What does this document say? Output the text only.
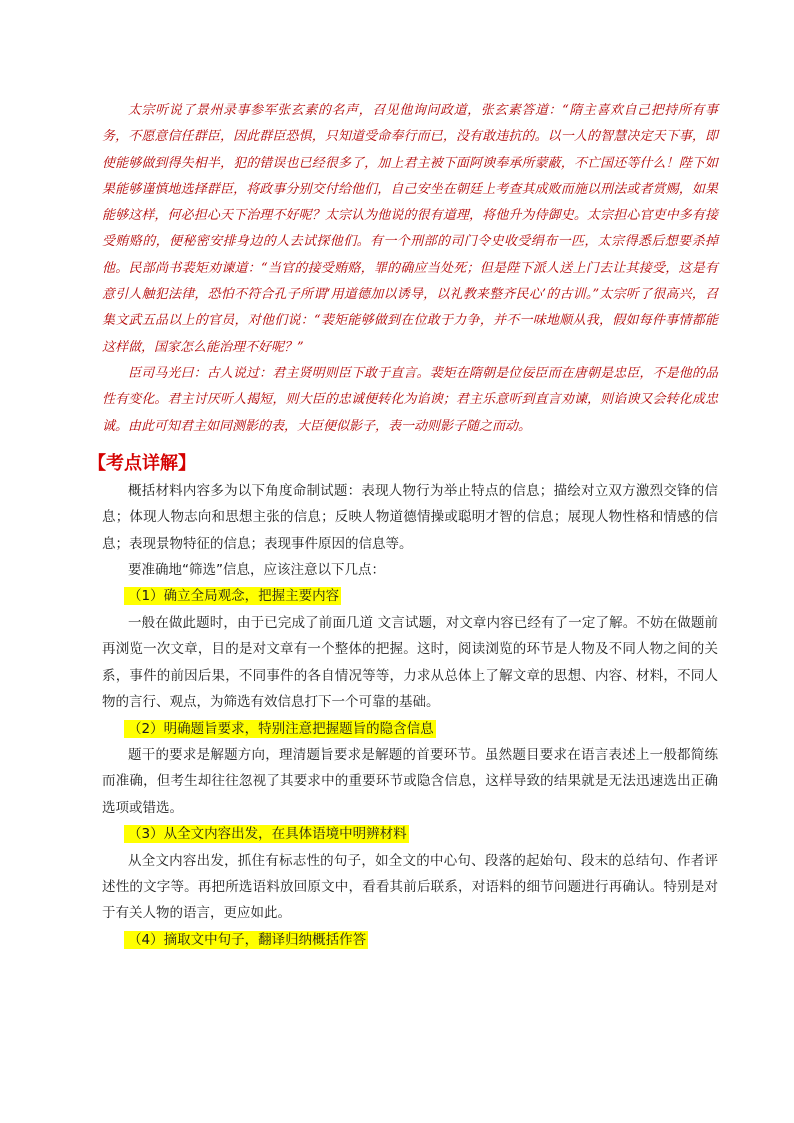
太宗听说了景州录事参军张玄素的名声，召见他询问政道，张玄素答道：“隋主喜欢自己把持所有事务，不愿意信任群臣，因此群臣恐惧，只知道受命奉行而已，没有敢违抗的。以一人的智慧决定天下事，即使能够做到得失相半，犯的错误也已经很多了，加上君主被下面阿谀奉承所蒙蔽，不亡国还等什么！陛下如果能够谨慎地选择群臣，将政事分别交付给他们，自己安坐在朝廷上考查其成败而施以刑法或者赏赐，如果能够这样，何必担心天下治理不好呢？太宗认为他说的很有道理，将他升为侍御史。太宗担心官吏中多有接受贿赂的，便秘密安排身边的人去试探他们。有一个刑部的司门令史收受绢布一匹，太宗得悉后想要杀掉他。民部尚书裴矩劝谏道：“当官的接受贿赂，罪的确应当处死；但是陛下派人送上门去让其接受，这是有意引人触犯法律，恐怕不符合孔子所谓‘用道德加以诱导，以礼教来整齐民心’的古训。”太宗听了很高兴，召集文武五品以上的官员，对他们说：“裴矩能够做到在位敢于力争，并不一味地顺从我，假如每件事情都能这样做，国家怎么能治理不好呢？”

臣司马光曰：古人说过：君主贤明则臣下敢于直言。裴矩在隋朝是位佞臣而在唐朝是忠臣，不是他的品性有变化。君主讨厌听人揭短，则大臣的忠诚便转化为谄谀；君主乐意听到直言劝谏，则谄谀又会转化成忠诚。由此可知君主如同测影的表，大臣便似影子，表一动则影子随之而动。

【考点详解】

概括材料内容多为以下角度命制试题：表现人物行为举止特点的信息；描绘对立双方激烈交锋的信息；体现人物志向和思想主张的信息；反映人物道德情操或聪明才智的信息；展现人物性格和情感的信息；表现景物特征的信息；表现事件原因的信息等。

要准确地“筛选”信息，应该注意以下几点：

（1）确立全局观念，把握主要内容

一般在做此题时，由于已完成了前面几道 文言试题，对文章内容已经有了一定了解。不妨在做题前再浏览一次文章，目的是对文章有一个整体的把握。这时，阅读浏览的环节是人物及不同人物之间的关系，事件的前因后果，不同事件的各自情况等等，力求从总体上了解文章的思想、内容、材料，不同人物的言行、观点，为筛选有效信息打下一个可靠的基础。

（2）明确题旨要求，特别注意把握题旨的隐含信息

题干的要求是解题方向，理清题旨要求是解题的首要环节。虽然题目要求在语言表述上一般都简练而准确，但考生却往往忽视了其要求中的重要环节或隐含信息，这样导致的结果就是无法迅速选出正确选项或错选。

（3）从全文内容出发，在具体语境中明辨材料

从全文内容出发，抓住有标志性的句子，如全文的中心句、段落的起始句、段末的总结句、作者评述性的文字等。再把所选语料放回原文中，看看其前后联系，对语料的细节问题进行再确认。特别是对于有关人物的语言，更应如此。

（4）摘取文中句子，翻译归纳概括作答
